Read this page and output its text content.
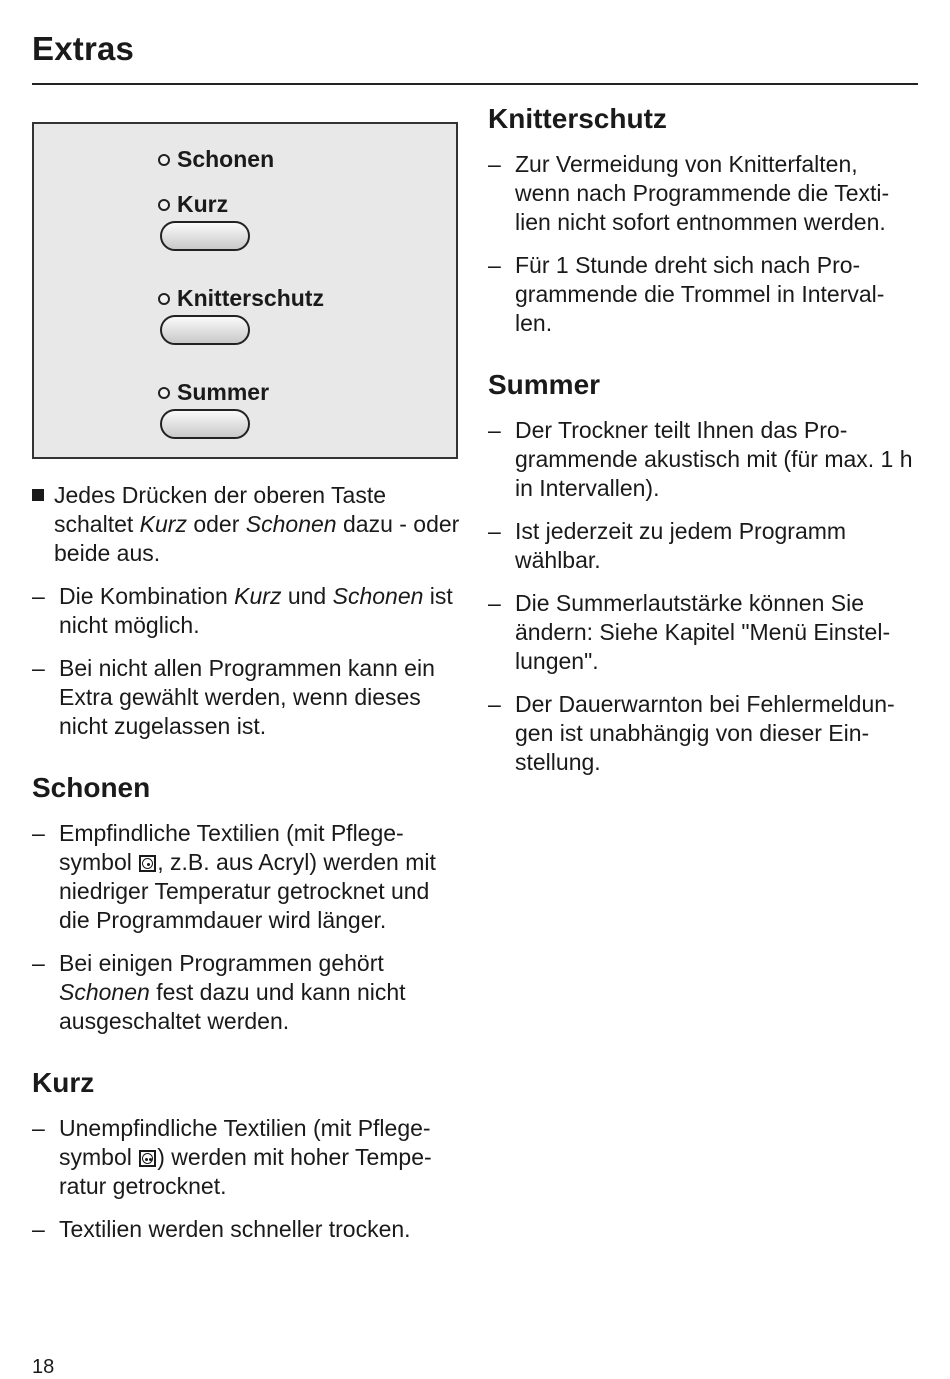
Extras
Schonen
Kurz
Knitterschutz
Summer
Jedes Drücken der oberen Taste schaltet Kurz oder Schonen dazu - oder beide aus.
– Die Kombination Kurz und Schonen ist nicht möglich.
– Bei nicht allen Programmen kann ein Extra gewählt werden, wenn dieses nicht zugelassen ist.
Schonen
– Empfindliche Textilien (mit Pflege-symbol
, z.B. aus Acryl) werden mit niedriger Temperatur getrocknet und die Programmdauer wird länger.
– Bei einigen Programmen gehört Schonen fest dazu und kann nicht ausgeschaltet werden.
Kurz
– Unempfindliche Textilien (mit Pflege-symbol
) werden mit hoher Tempe-ratur getrocknet.
– Textilien werden schneller trocken.
Knitterschutz
– Zur Vermeidung von Knitterfalten, wenn nach Programmende die Texti-lien nicht sofort entnommen werden.
– Für 1 Stunde dreht sich nach Pro-grammende die Trommel in Interval-len.
Summer
– Der Trockner teilt Ihnen das Pro-grammende akustisch mit (für max. 1 h in Intervallen).
– Ist jederzeit zu jedem Programm wählbar.
– Die Summerlautstärke können Sie ändern: Siehe Kapitel "Menü Einstel-lungen".
– Der Dauerwarnton bei Fehlermeldun-gen ist unabhängig von dieser Ein-stellung.
18
